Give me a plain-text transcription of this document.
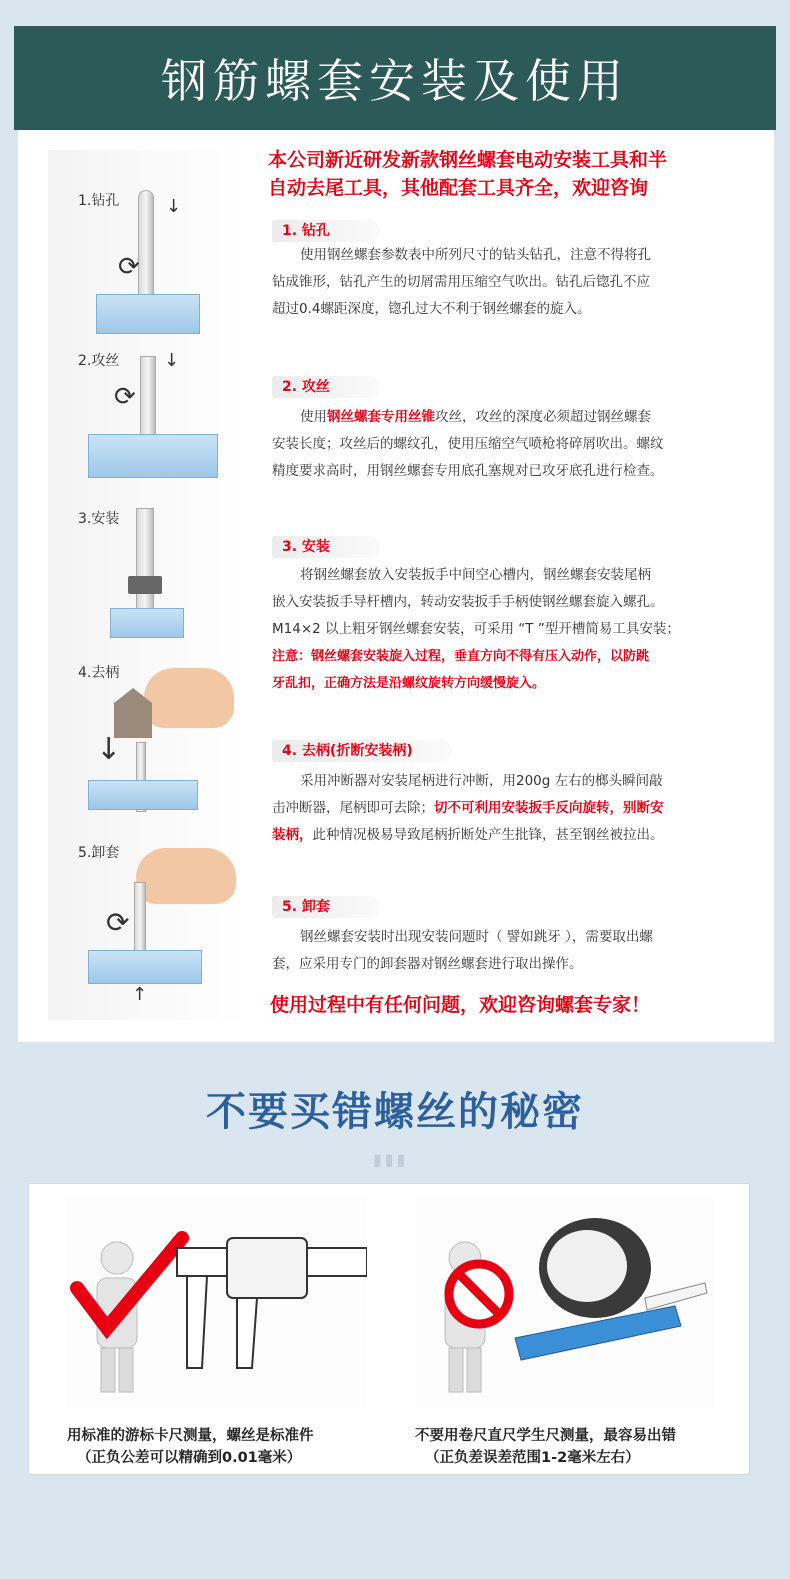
钢筋螺套安装及使用
1.钻孔	↓
⟳
2.攻丝 ↓
⟳
3.安装
4.去柄
↓
5.卸套
⟳
↑
本公司新近研发新款钢丝螺套电动安装工具和半
自动去尾工具，其他配套工具齐全，欢迎咨询
1. 钻孔
使用钢丝螺套参数表中所列尺寸的钻头钻孔，注意不得将孔
钻成锥形，钻孔产生的切屑需用压缩空气吹出。钻孔后锪孔不应
超过0.4螺距深度，锪孔过大不利于钢丝螺套的旋入。
2. 攻丝
使用钢丝螺套专用丝锥攻丝，攻丝的深度必须超过钢丝螺套
安装长度；攻丝后的螺纹孔，使用压缩空气喷枪将碎屑吹出。螺纹
精度要求高时，用钢丝螺套专用底孔塞规对已攻牙底孔进行检查。
3. 安装
将钢丝螺套放入安装扳手中间空心槽内，钢丝螺套安装尾柄
嵌入安装扳手导杆槽内，转动安装扳手手柄使钢丝螺套旋入螺孔。
M14×2 以上粗牙钢丝螺套安装，可采用 “T ”型开槽简易工具安装；
注意：钢丝螺套安装旋入过程，垂直方向不得有压入动作，以防跳
牙乱扣，正确方法是沿螺纹旋转方向缓慢旋入。
4. 去柄(折断安装柄)
采用冲断器对安装尾柄进行冲断，用200g 左右的榔头瞬间敲
击冲断器，尾柄即可去除；切不可利用安装扳手反向旋转，别断安
装柄，此种情况极易导致尾柄折断处产生批锋，甚至钢丝被拉出。
5. 卸套
钢丝螺套安装时出现安装问题时（ 譬如跳牙 ），需要取出螺
套，应采用专门的卸套器对钢丝螺套进行取出操作。
使用过程中有任何问题，欢迎咨询螺套专家！
不要买错螺丝的秘密
▮▮▮
用标准的游标卡尺测量，螺丝是标准件
（正负公差可以精确到0.01毫米）
不要用卷尺直尺学生尺测量，最容易出错
（正负差误差范围1-2毫米左右）
